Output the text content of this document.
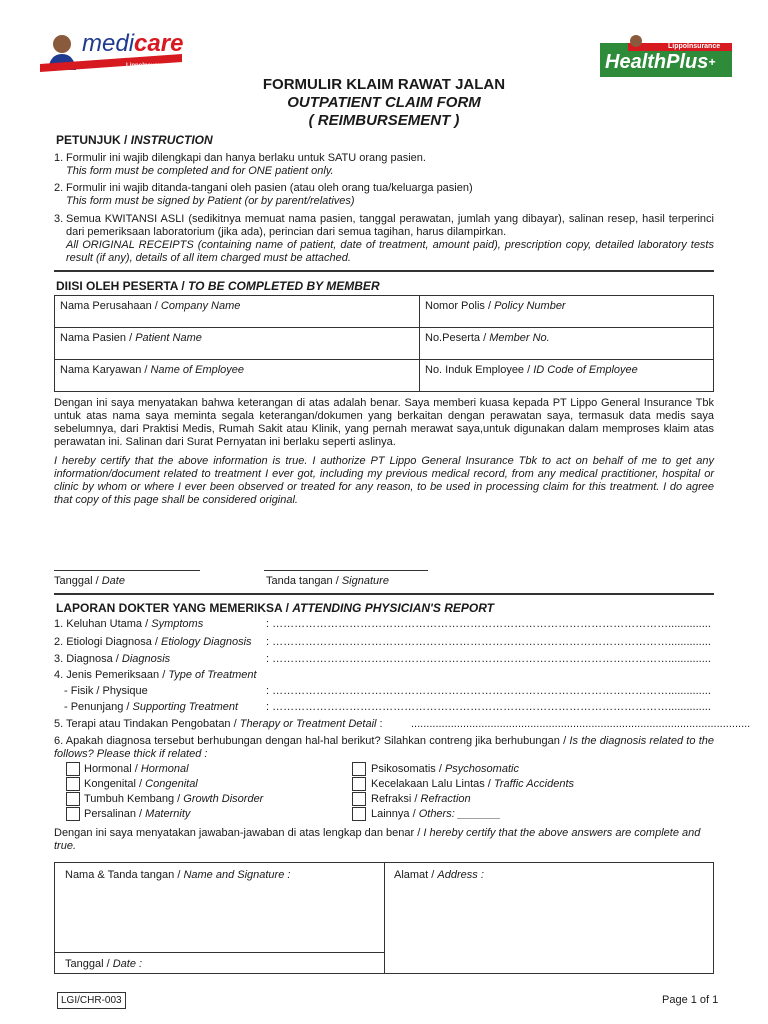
medicare
LippoInsurance
LippoInsurance
HealthPlus+
FORMULIR KLAIM RAWAT JALAN
OUTPATIENT CLAIM FORM
( REIMBURSEMENT )
PETUNJUK / INSTRUCTION
1. Formulir ini wajib dilengkapi dan hanya berlaku untuk SATU orang pasien.
This form must be completed and for ONE patient only.
2. Formulir ini wajib ditanda-tangani oleh pasien (atau oleh orang tua/keluarga pasien)
This form must be signed by Patient (or by parent/relatives)
3. Semua KWITANSI ASLI (sedikitnya memuat nama pasien, tanggal perawatan, jumlah yang dibayar), salinan resep, hasil terperinci dari pemeriksaan laboratorium (jika ada), perincian dari semua tagihan, harus dilampirkan.
All ORIGINAL RECEIPTS (containing name of patient, date of treatment, amount paid), prescription copy, detailed laboratory tests result (if any), details of all item charged must be attached.
DIISI OLEH PESERTA / TO BE COMPLETED BY MEMBER
Nama Perusahaan / Company Name	Nomor Polis / Policy Number
Nama Pasien / Patient Name	No.Peserta / Member No.
Nama Karyawan / Name of Employee	No. Induk Employee / ID Code of Employee
Dengan ini saya menyatakan bahwa keterangan di atas adalah benar. Saya memberi kuasa kepada PT Lippo General Insurance Tbk untuk atas nama saya meminta segala keterangan/dokumen yang berkaitan dengan perawatan saya, termasuk data medis saya sebelumnya, dari Praktisi Medis, Rumah Sakit atau Klinik, yang pernah merawat saya,untuk digunakan dalam memproses klaim atas perawatan ini. Salinan dari Surat Pernyatan ini berlaku seperti aslinya.
I hereby certify that the above information is true. I authorize PT Lippo General Insurance Tbk to act on behalf of me to get any information/document related to treatment I ever got, including my previous medical record, from any medical practitioner, hospital or clinic by whom or where I ever been observed or treated for any reason, to be used in processing claim for this treatment. I do agree that copy of this page shall be considered original.
Tanggal / Date	Tanda tangan / Signature
LAPORAN DOKTER YANG MEMERIKSA / ATTENDING PHYSICIAN'S REPORT
1. Keluhan Utama / Symptoms	: ………………………………………………………………………………………………..............
2. Etiologi Diagnosa / Etiology Diagnosis : ………………………………………………………………………………………………..............
3. Diagnosa / Diagnosis	: ………………………………………………………………………………………………..............
4. Jenis Pemeriksaan / Type of Treatment
- Fisik / Physique	: ………………………………………………………………………………………………..............
- Penunjang / Supporting Treatment	: ………………………………………………………………………………………………..............
5. Terapi atau Tindakan Pengobatan / Therapy or Treatment Detail :	...............................................................................................................
6. Apakah diagnosa tersebut berhubungan dengan hal-hal berikut? Silahkan contreng jika berhubungan / Is the diagnosis related to the follows? Please thick if related :
Hormonal / Hormonal
Kongenital / Congenital
Tumbuh Kembang / Growth Disorder
Persalinan / Maternity
Psikosomatis / Psychosomatic
Kecelakaan Lalu Lintas / Traffic Accidents
Refraksi / Refraction
Lainnya / Others: _______
Dengan ini saya menyatakan jawaban-jawaban di atas lengkap dan benar / I hereby certify that the above answers are complete and true.
Nama & Tanda tangan / Name and Signature :	Alamat / Address :
Tanggal / Date :
LGI/CHR-003	Page 1 of 1
